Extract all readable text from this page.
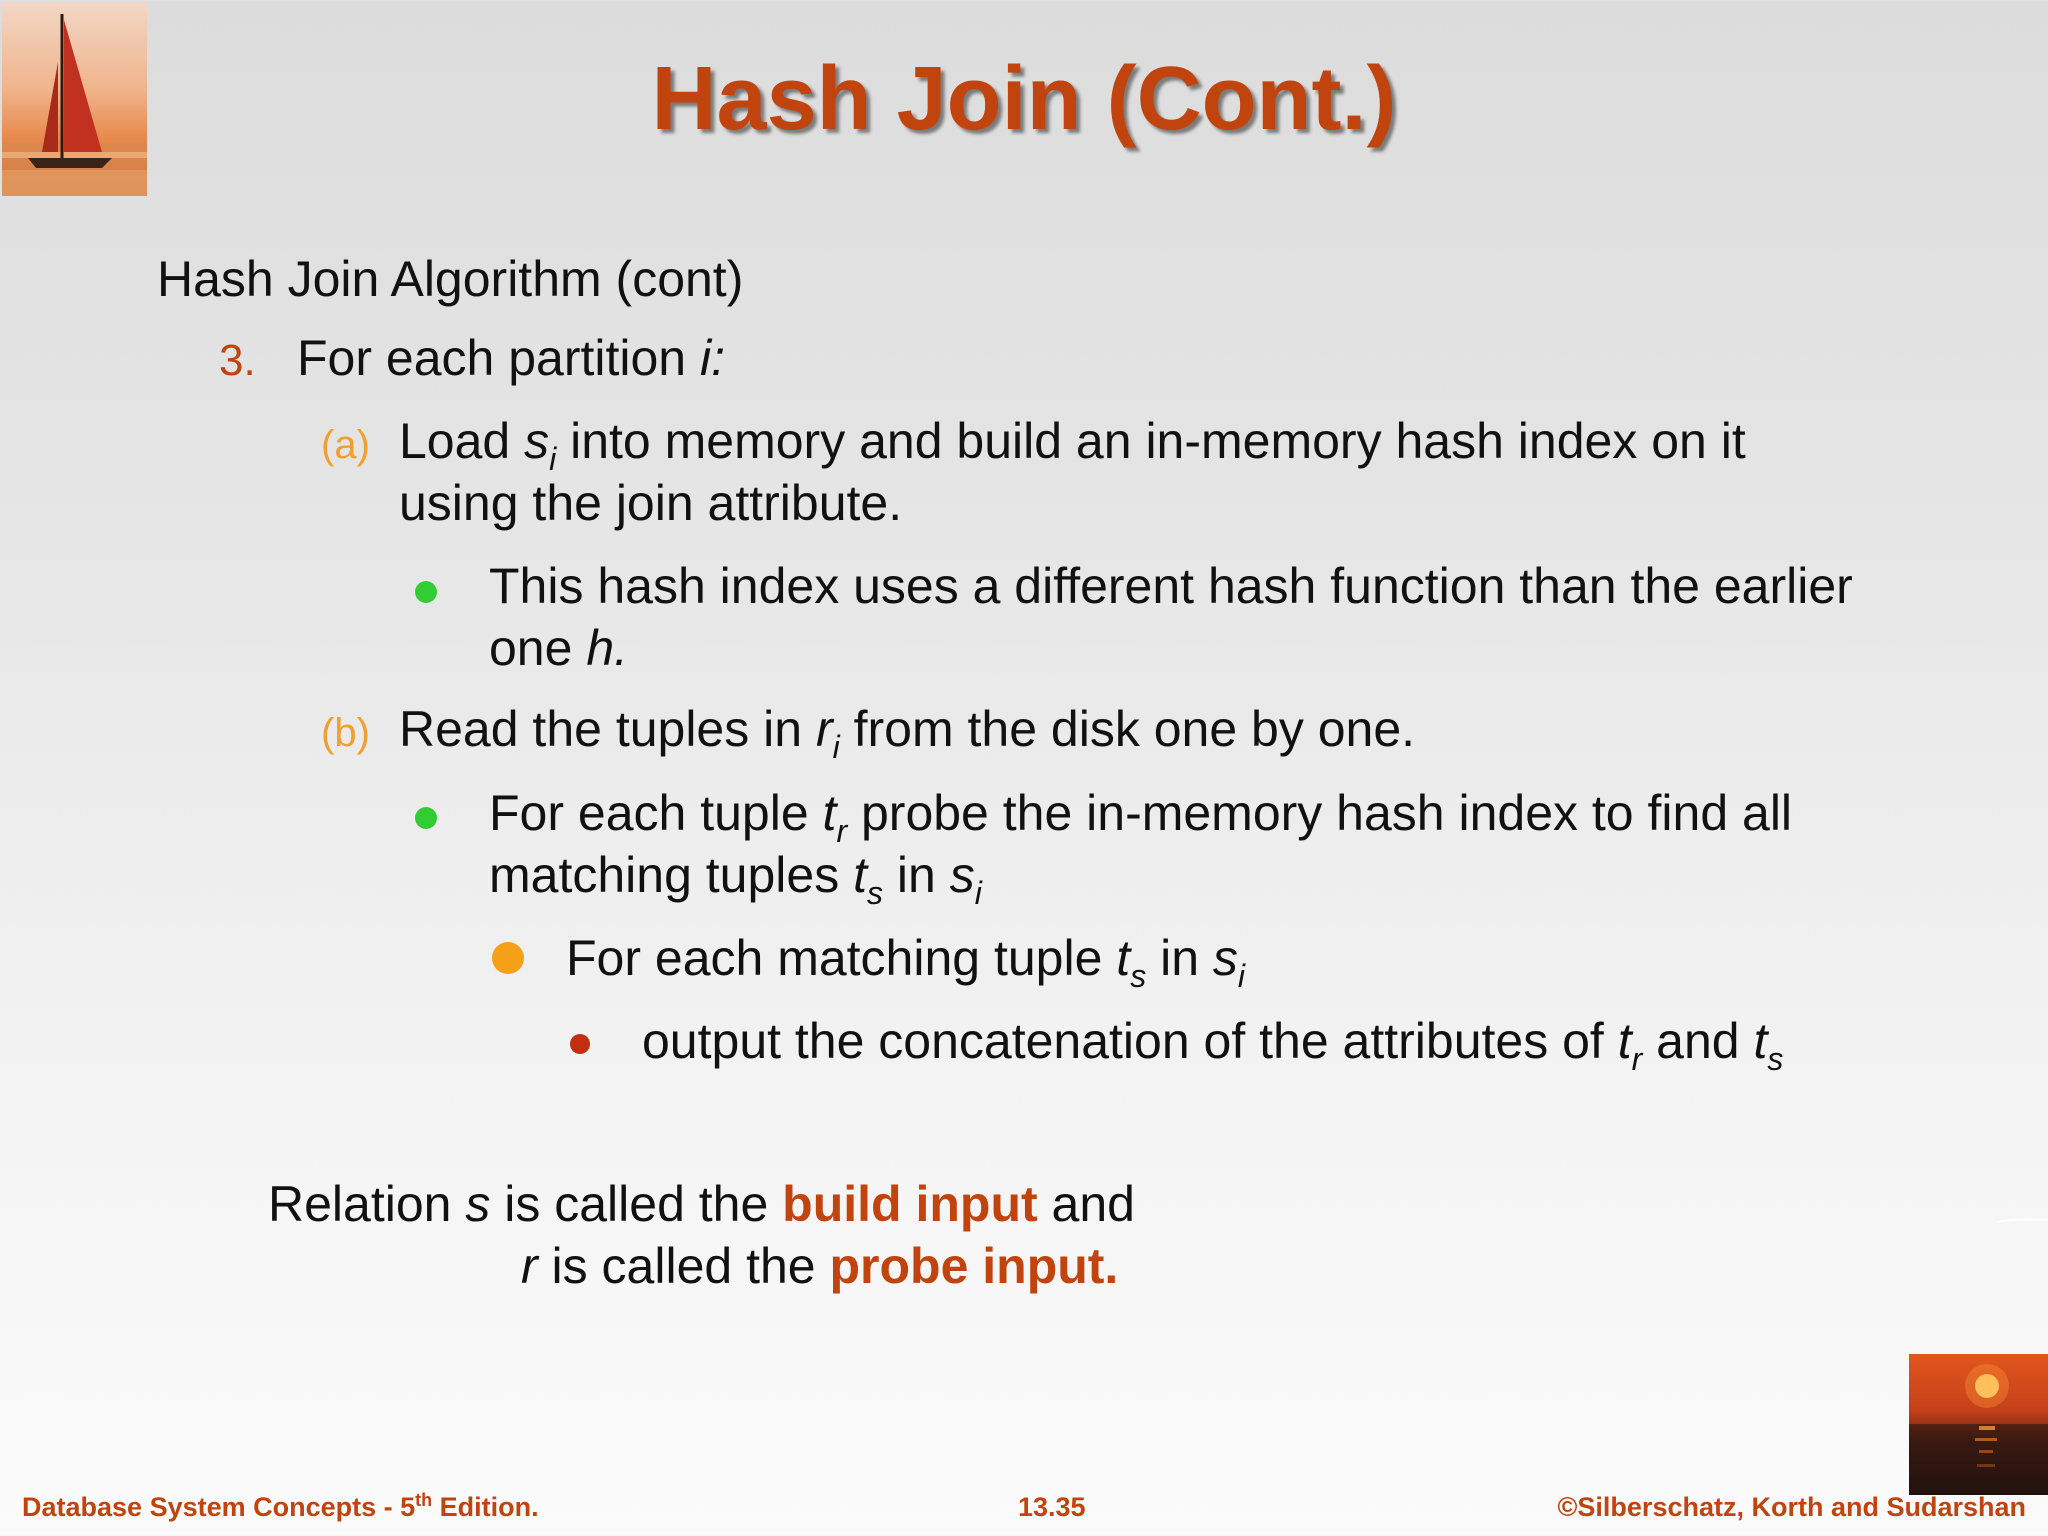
Hash Join (Cont.)
Hash Join Algorithm (cont)
3. For each partition i:
(a) Load $s_i$ into memory and build an in-memory hash index on it
using the join attribute.
This hash index uses a different hash function than the earlier
one h.
(b) Read the tuples in $r_i$ from the disk one by one.
For each tuple $t_r$ probe the in-memory hash index to find all
matching tuples $t_s$ in $s_i$
For each matching tuple $t_s$ in $s_i$
output the concatenation of the attributes of $t_r$ and $t_s$
Relation s is called the build input and
r is called the probe input.
Database System Concepts - 5th Edition.	13.35	©Silberschatz, Korth and Sudarshan
